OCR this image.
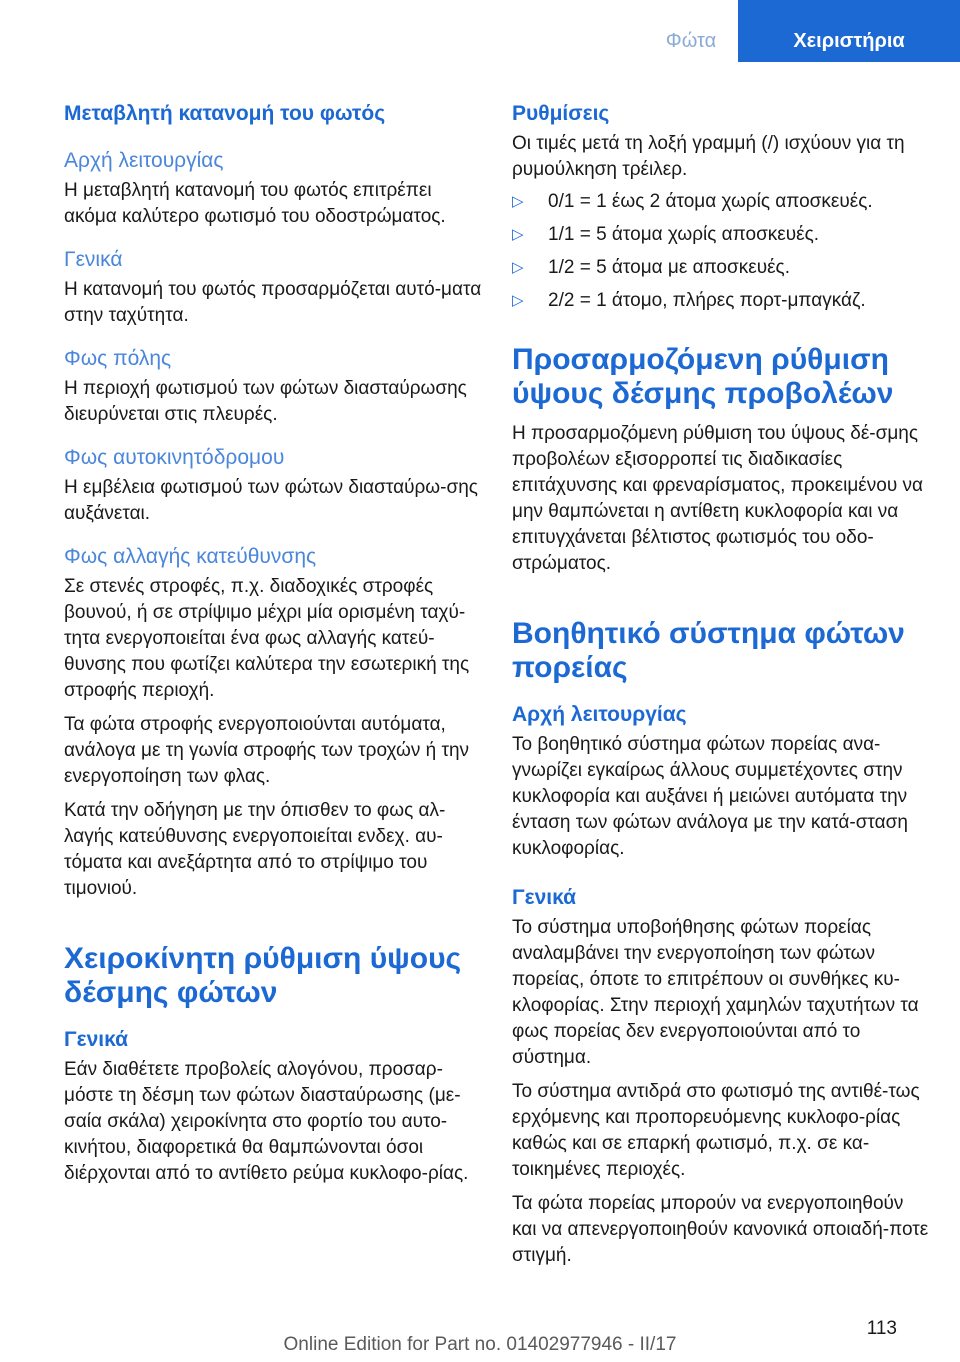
Φώτα	Χειριστήρια
Μεταβλητή κατανομή του φωτός
Αρχή λειτουργίας

Η μεταβλητή κατανομή του φωτός επιτρέπει ακόμα καλύτερο φωτισμό του οδοστρώματος.

Γενικά

Η κατανομή του φωτός προσαρμόζεται αυτό-ματα στην ταχύτητα.

Φως πόλης

Η περιοχή φωτισμού των φώτων διασταύρωσης διευρύνεται στις πλευρές.

Φως αυτοκινητόδρομου

Η εμβέλεια φωτισμού των φώτων διασταύρω-σης αυξάνεται.

Φως αλλαγής κατεύθυνσης

Σε στενές στροφές, π.χ. διαδοχικές στροφές βουνού, ή σε στρίψιμο μέχρι μία ορισμένη ταχύ-τητα ενεργοποιείται ένα φως αλλαγής κατεύ-θυνσης που φωτίζει καλύτερα την εσωτερική της στροφής περιοχή.

Τα φώτα στροφής ενεργοποιούνται αυτόματα, ανάλογα με τη γωνία στροφής των τροχών ή την ενεργοποίηση των φλας.

Κατά την οδήγηση με την όπισθεν το φως αλ-λαγής κατεύθυνσης ενεργοποιείται ενδεχ. αυ-τόματα και ανεξάρτητα από το στρίψιμο του τιμονιού.

Χειροκίνητη ρύθμιση ύψους δέσμης φώτων
Γενικά

Εάν διαθέτετε προβολείς αλογόνου, προσαρ-μόστε τη δέσμη των φώτων διασταύρωσης (με-σαία σκάλα) χειροκίνητα στο φορτίο του αυτο-κινήτου, διαφορετικά θα θαμπώνονται όσοι διέρχονται από το αντίθετο ρεύμα κυκλοφο-ρίας.

Ρυθμίσεις

Οι τιμές μετά τη λοξή γραμμή (/) ισχύουν για τη ρυμούλκηση τρέιλερ.

▷ 0/1 = 1 έως 2 άτομα χωρίς αποσκευές.
▷ 1/1 = 5 άτομα χωρίς αποσκευές.
▷ 1/2 = 5 άτομα με αποσκευές.
▷ 2/2 = 1 άτομο, πλήρες πορτ-μπαγκάζ.
Προσαρμοζόμενη ρύθμιση ύψους δέσμης προβολέων

Η προσαρμοζόμενη ρύθμιση του ύψους δέ-σμης προβολέων εξισορροπεί τις διαδικασίες επιτάχυνσης και φρεναρίσματος, προκειμένου να μην θαμπώνεται η αντίθετη κυκλοφορία και να επιτυγχάνεται βέλτιστος φωτισμός του οδο-στρώματος.

Βοηθητικό σύστημα φώτων πορείας
Αρχή λειτουργίας

Το βοηθητικό σύστημα φώτων πορείας ανα-γνωρίζει εγκαίρως άλλους συμμετέχοντες στην κυκλοφορία και αυξάνει ή μειώνει αυτόματα την ένταση των φώτων ανάλογα με την κατά-σταση κυκλοφορίας.

Γενικά

Το σύστημα υποβοήθησης φώτων πορείας αναλαμβάνει την ενεργοποίηση των φώτων πορείας, όποτε το επιτρέπουν οι συνθήκες κυ-κλοφορίας. Στην περιοχή χαμηλών ταχυτήτων τα φως πορείας δεν ενεργοποιούνται από το σύστημα.

Το σύστημα αντιδρά στο φωτισμό της αντιθέ-τως ερχόμενης και προπορευόμενης κυκλοφο-ρίας καθώς και σε επαρκή φωτισμό, π.χ. σε κα-τοικημένες περιοχές.

Τα φώτα πορείας μπορούν να ενεργοποιηθούν και να απενεργοποιηθούν κανονικά οποιαδή-ποτε στιγμή.

113
Online Edition for Part no. 01402977946 - II/17
